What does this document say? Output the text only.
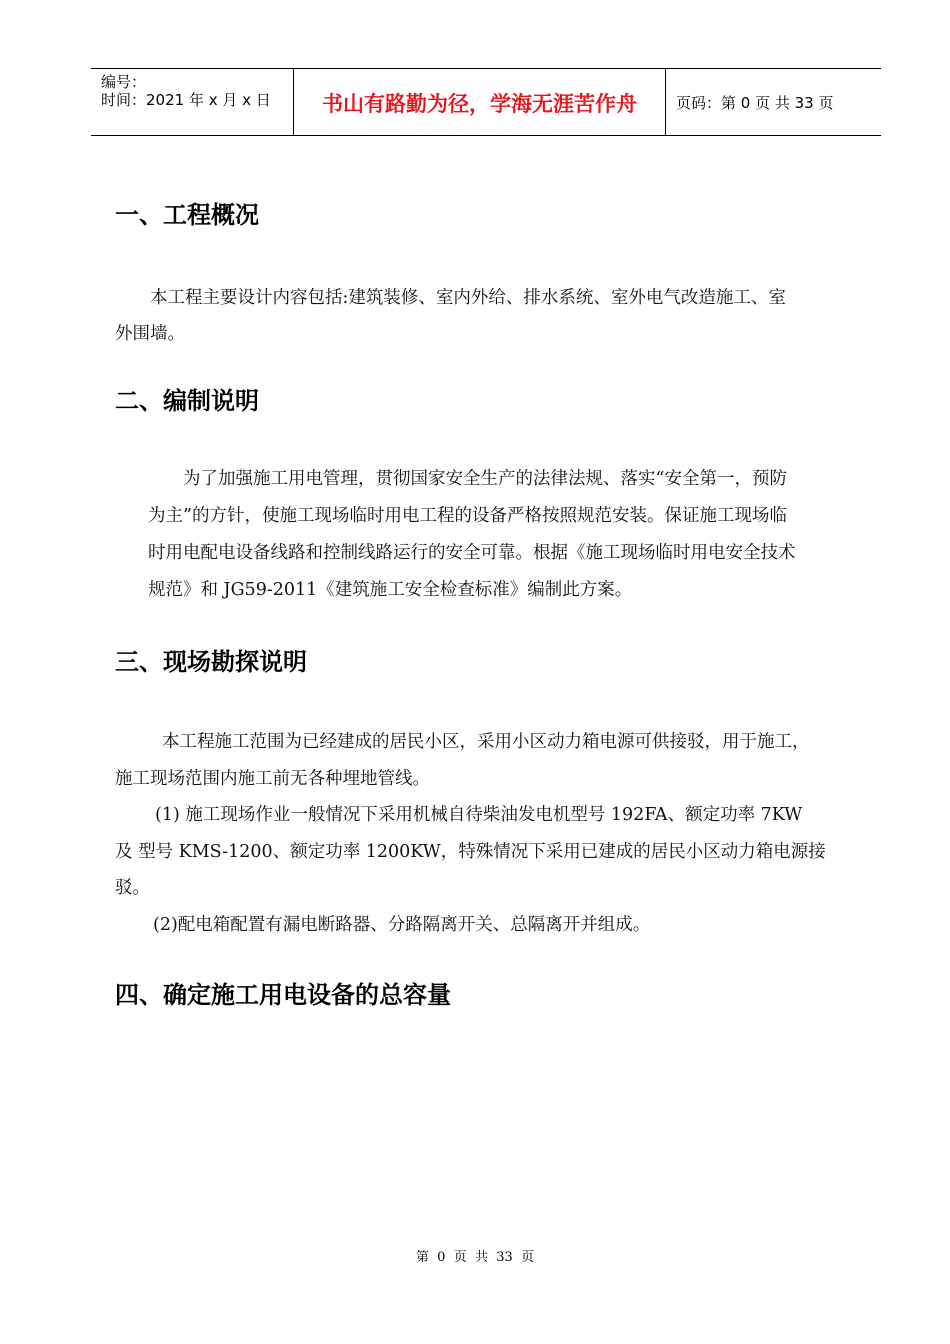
编号：
时间：2021 年 x 月 x 日	书山有路勤为径，学海无涯苦作舟	页码：第 0 页 共 33 页
一、工程概况
本工程主要设计内容包括:建筑装修、室内外给、排水系统、室外电气改造施工、室
外围墙。
二、编制说明
为了加强施工用电管理，贯彻国家安全生产的法律法规、落实“安全第一，预防
为主”的方针，使施工现场临时用电工程的设备严格按照规范安装。保证施工现场临
时用电配电设备线路和控制线路运行的安全可靠。根据《施工现场临时用电安全技术
规范》和 JG59-2011《建筑施工安全检查标准》编制此方案。
三、现场勘探说明
本工程施工范围为已经建成的居民小区，采用小区动力箱电源可供接驳，用于施工，
施工现场范围内施工前无各种埋地管线。
(1) 施工现场作业一般情况下采用机械自待柴油发电机型号 192FA、额定功率 7KW
及 型号 KMS-1200、额定功率 1200KW，特殊情况下采用已建成的居民小区动力箱电源接
驳。
(2)配电箱配置有漏电断路器、分路隔离开关、总隔离开并组成。
四、确定施工用电设备的总容量
第  0  页  共  33  页
